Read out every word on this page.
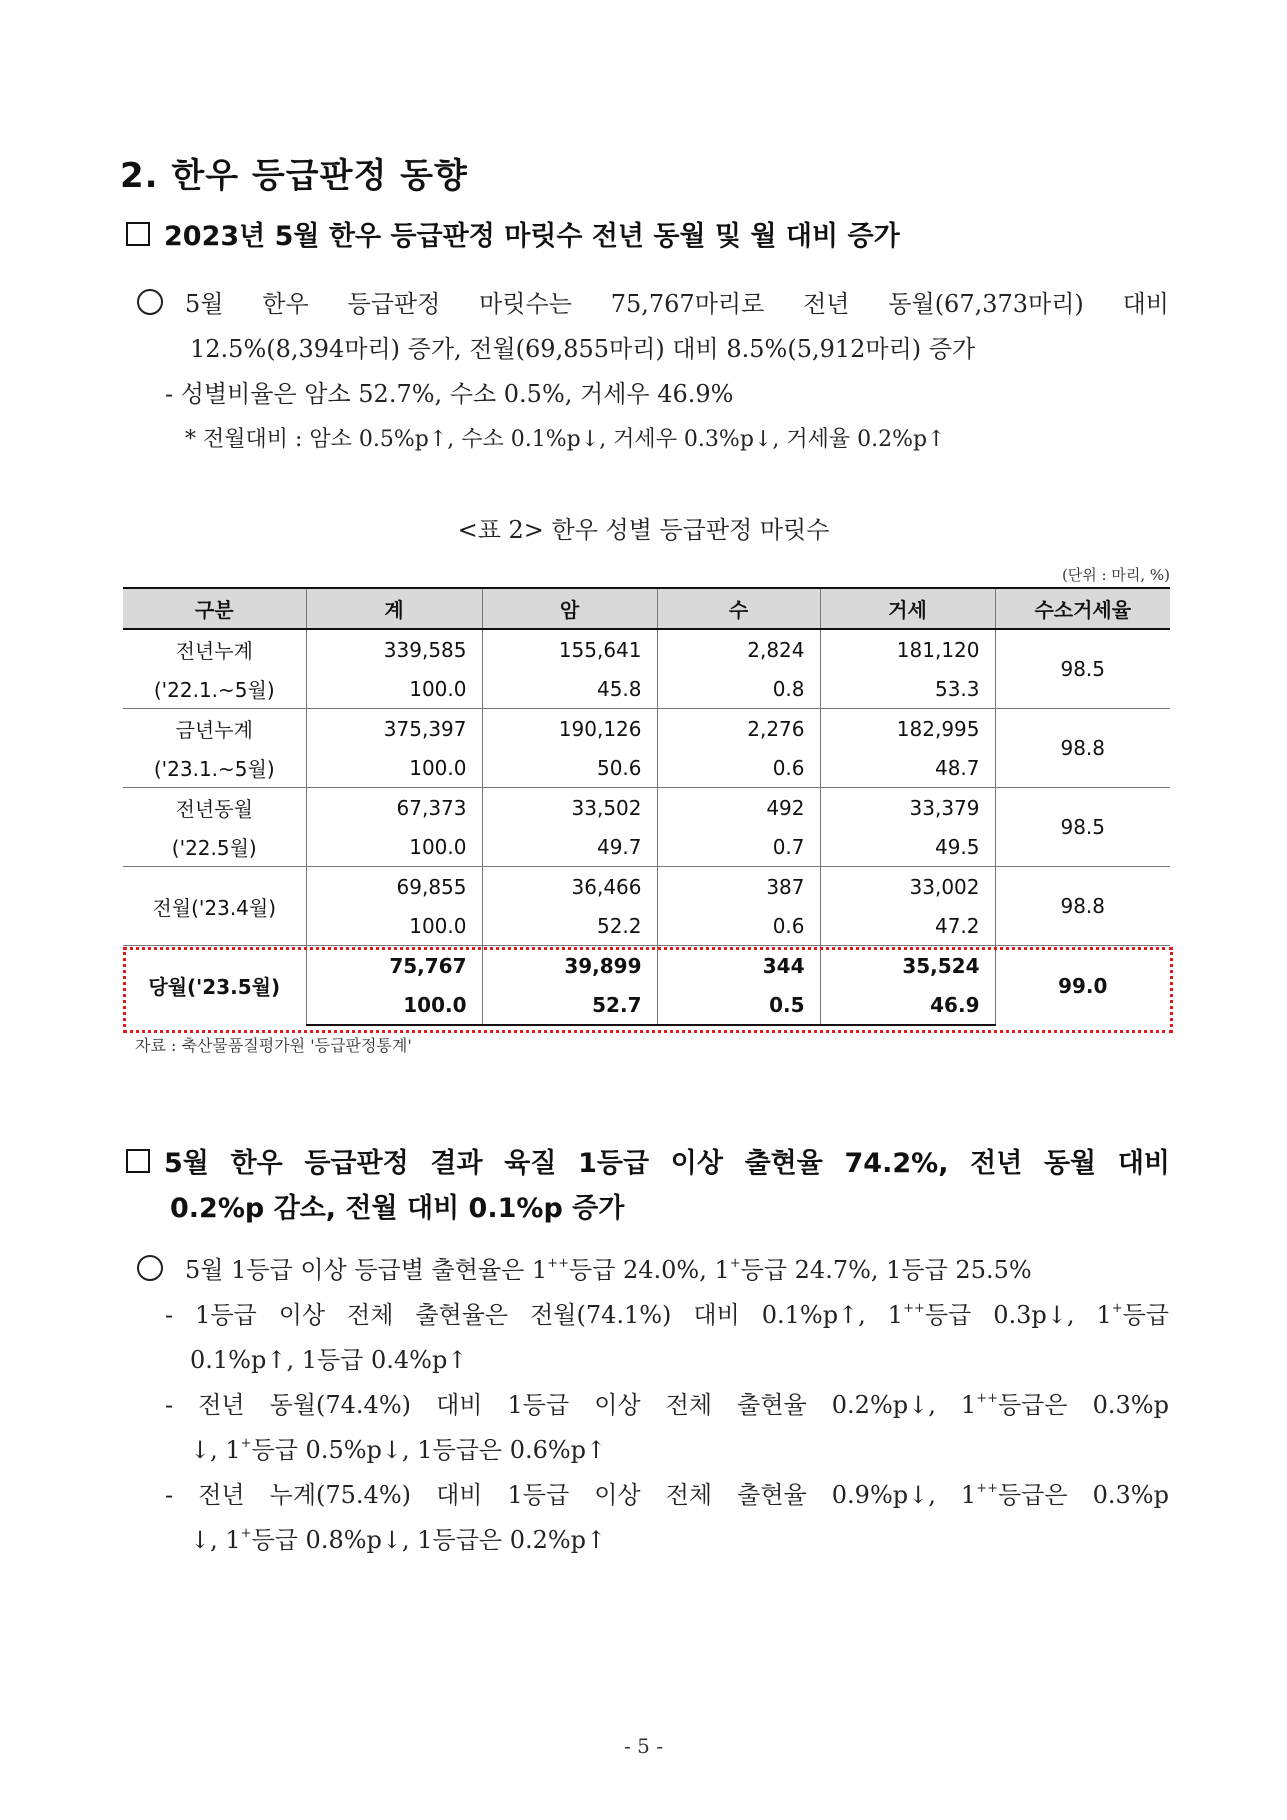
2. 한우 등급판정 동향
2023년 5월 한우 등급판정 마릿수 전년 동월 및 월 대비 증가
5월 한우 등급판정 마릿수는 75,767마리로 전년 동월(67,373마리) 대비
12.5%(8,394마리) 증가, 전월(69,855마리) 대비 8.5%(5,912마리) 증가
- 성별비율은 암소 52.7%, 수소 0.5%, 거세우 46.9%
* 전월대비 : 암소 0.5%p↑, 수소 0.1%p↓, 거세우 0.3%p↓, 거세율 0.2%p↑
<표 2> 한우 성별 등급판정 마릿수
(단위 : 마리, %)
구분	계	암	수	거세	수소거세율
전년누계	339,585	155,641	2,824	181,120	98.5
('22.1.~5월)	100.0	45.8	0.8	53.3	
금년누계	375,397	190,126	2,276	182,995	98.8
('23.1.~5월)	100.0	50.6	0.6	48.7	
전년동월	67,373	33,502	492	33,379	98.5
('22.5월)	100.0	49.7	0.7	49.5	
전월('23.4월)	69,855	36,466	387	33,002	98.8
	100.0	52.2	0.6	47.2	
당월('23.5월)	75,767	39,899	344	35,524	99.0
	100.0	52.7	0.5	46.9	
자료 : 축산물품질평가원 '등급판정통계'
5월 한우 등급판정 결과 육질 1등급 이상 출현율 74.2%, 전년 동월 대비
0.2%p 감소, 전월 대비 0.1%p 증가
5월 1등급 이상 등급별 출현율은 1++등급 24.0%, 1+등급 24.7%, 1등급 25.5%
- 1등급 이상 전체 출현율은 전월(74.1%) 대비 0.1%p↑, 1++등급 0.3p↓, 1+등급
0.1%p↑, 1등급 0.4%p↑
- 전년 동월(74.4%) 대비 1등급 이상 전체 출현율 0.2%p↓, 1++등급은 0.3%p
↓, 1+등급 0.5%p↓, 1등급은 0.6%p↑
- 전년 누계(75.4%) 대비 1등급 이상 전체 출현율 0.9%p↓, 1++등급은 0.3%p
↓, 1+등급 0.8%p↓, 1등급은 0.2%p↑
- 5 -
